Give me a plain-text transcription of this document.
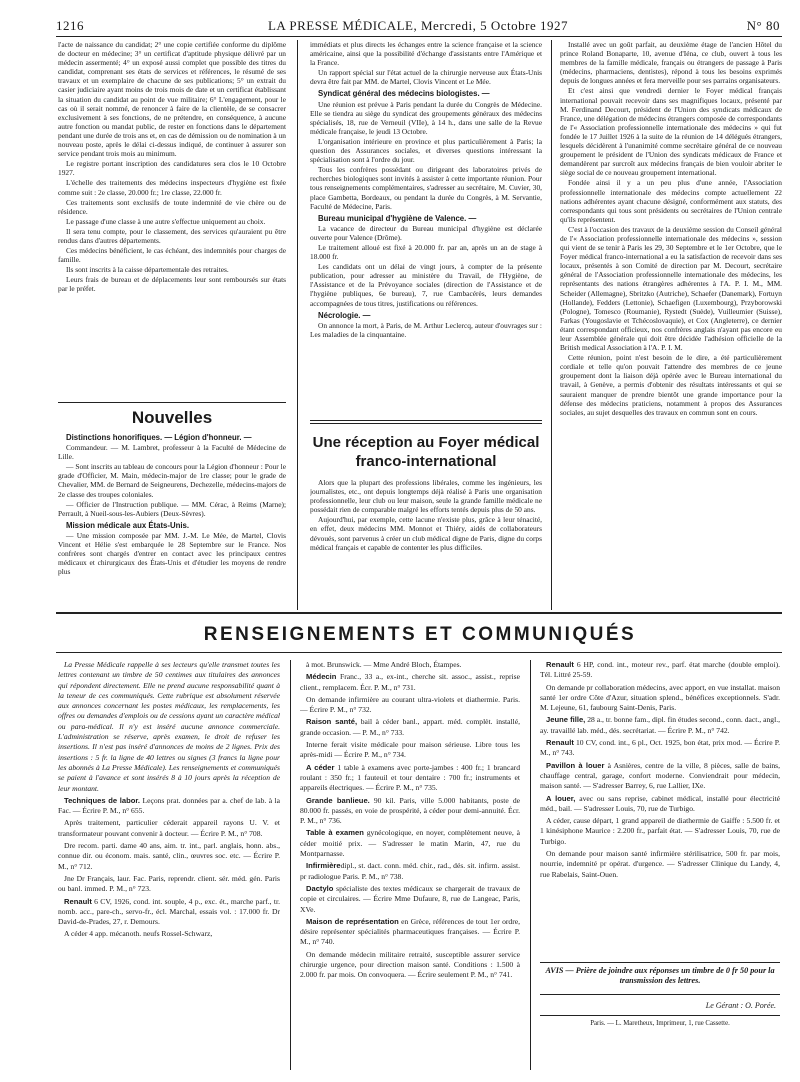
1216	LA PRESSE MÉDICALE, Mercredi, 5 Octobre 1927	N° 80

l'acte de naissance du candidat; 2° une copie certifiée conforme du diplôme de docteur en médecine; 3° un certificat d'aptitude physique délivré par un médecin assermenté; 4° un exposé aussi complet que possible des titres du candidat, comprenant ses états de services et références, le résumé de ses travaux et un exemplaire de chacune de ses publications; 5° un extrait du casier judiciaire ayant moins de trois mois de date et un certificat établissant la situation du candidat au point de vue militaire; 6° L'engagement, pour le cas où il serait nommé, de renoncer à faire de la clientèle, de se consacrer exclusivement à ses fonctions, de ne prétendre, en conséquence, à aucune autre fonction ou mandat public, de rester en fonctions dans le département pendant une durée de trois ans et, en cas de démission ou de nomination à un nouveau poste, après le délai ci-dessus indiqué, de continuer à assurer son service pendant trois mois au minimum.

Le registre portant inscription des candidatures sera clos le 10 Octobre 1927.

L'échelle des traitements des médecins inspecteurs d'hygiène est fixée comme suit : 2e classe, 20.000 fr.; 1re classe, 22.000 fr.

Ces traitements sont exclusifs de toute indemnité de vie chère ou de résidence.

Le passage d'une classe à une autre s'effectue uniquement au choix.

Il sera tenu compte, pour le classement, des services qu'auraient pu être rendus dans d'autres départements.

Ces médecins bénéficient, le cas échéant, des indemnités pour charges de famille.

Ils sont inscrits à la caisse départementale des retraites.

Leurs frais de bureau et de déplacements leur sont remboursés sur états par le préfet.

Nouvelles
Distinctions honorifiques. — Légion d'honneur. —

Commandeur. — M. Lambret, professeur à la Faculté de Médecine de Lille.

— Sont inscrits au tableau de concours pour la Légion d'honneur : Pour le grade d'Officier, M. Main, médecin-major de 1re classe; pour le grade de Chevalier, MM. de Bernard de Seigneurens, Dechezelle, médecins-majors de 2e classe des troupes coloniales.

— Officier de l'Instruction publique. — MM. Cérac, à Reims (Marne); Perrault, à Nueil-sous-les-Aubiers (Deux-Sèvres).

Mission médicale aux États-Unis.

— Une mission composée par MM. J.-M. Le Mée, de Martel, Clovis Vincent et Hélie s'est embarquée le 28 Septembre sur le France. Nos confrères sont chargés d'entrer en contact avec les principaux centres médicaux et chirurgicaux des États-Unis et d'étudier les moyens de rendre plus

immédiats et plus directs les échanges entre la science française et la science américaine, ainsi que la possibilité d'échange d'assistants entre l'Amérique et la France.

Un rapport spécial sur l'état actuel de la chirurgie nerveuse aux États-Unis devra être fait par MM. de Martel, Clovis Vincent et Le Mée.

Syndicat général des médecins biologistes. —

Une réunion est prévue à Paris pendant la durée du Congrès de Médecine. Elle se tiendra au siège du syndicat des groupements généraux des médecins spécialisés, 18, rue de Verneuil (VIIe), à 14 h., dans une salle de la Revue médicale française, le jeudi 13 Octobre.

L'organisation intérieure en province et plus particulièrement à Paris; la question des Assurances sociales, et diverses questions intéressant la spécialisation sont à l'ordre du jour.

Tous les confrères possédant ou dirigeant des laboratoires privés de recherches biologiques sont invités à assister à cette importante réunion. Pour tous renseignements complémentaires, s'adresser au secrétaire, M. Cuvier, 30, place Gambetta, Bordeaux, ou pendant la durée du Congrès, à M. Servantie, Faculté de Médecine, Paris.

Bureau municipal d'hygiène de Valence. —

La vacance de directeur du Bureau municipal d'hygiène est déclarée ouverte pour Valence (Drôme).

Le traitement alloué est fixé à 20.000 fr. par an, après un an de stage à 18.000 fr.

Les candidats ont un délai de vingt jours, à compter de la présente publication, pour adresser au ministère du Travail, de l'Hygiène, de l'Assistance et de la Prévoyance sociales (direction de l'Assistance et de l'hygiène publiques, 6e bureau), 7, rue Cambacérès, leurs demandes accompagnées de tous titres, justifications ou références.

Nécrologie. —

On annonce la mort, à Paris, de M. Arthur Leclercq, auteur d'ouvrages sur : Les maladies de la cinquantaine.

Une réception au Foyer médical franco-international

Alors que la plupart des professions libérales, comme les ingénieurs, les journalistes, etc., ont depuis longtemps déjà réalisé à Paris une organisation professionnelle, leur club ou leur maison, seule la grande famille médicale ne possédait rien de comparable malgré les efforts tentés depuis plus de 50 ans.

Aujourd'hui, par exemple, cette lacune n'existe plus, grâce à leur ténacité, en effet, deux médecins MM. Monnot et Thiéry, aidés de collaborateurs dévoués, sont parvenus à créer un club médical digne de Paris, digne du corps médical français et capable de contenter les plus difficiles.

Installé avec un goût parfait, au deuxième étage de l'ancien Hôtel du prince Roland Bonaparte, 10, avenue d'Iéna, ce club, ouvert à tous les membres de la famille médicale, français ou étrangers de passage à Paris (médecins, pharmaciens, dentistes), répond à tous les besoins exprimés depuis de longues années et fera merveille pour ses parrains organisateurs.

Et c'est ainsi que vendredi dernier le Foyer médical français international pouvait recevoir dans ses magnifiques locaux, présenté par M. Ferdinand Decourt, président de l'Union des syndicats médicaux de France, une délégation de médecins étrangers composée de correspondants de l'« Association professionnelle internationale des médecins » qui fut fondée le 17 Juillet 1926 à la suite de la réunion de 14 délégués étrangers, lesquels décidèrent à l'unanimité comme secrétaire général de ce nouveau groupement le président de l'Union des syndicats médicaux de France et demandèrent par surcroît aux médecins français de bien vouloir abriter le siège social de ce nouveau groupement international.

Fondée ainsi il y a un peu plus d'une année, l'Association professionnelle internationale des médecins compte actuellement 22 nations adhérentes ayant chacune désigné, conformément aux statuts, des correspondants qui tous sont présidents ou secrétaires de l'Union centrale qu'ils représentent.

C'est à l'occasion des travaux de la deuxième session du Conseil général de l'« Association professionnelle internationale des médecins », session qui vient de se tenir à Paris les 29, 30 Septembre et le 1er Octobre, que le Foyer médical franco-international a eu la satisfaction de recevoir dans ses locaux, présentés à son Comité de direction par M. Decourt, secrétaire général de l'Association professionnelle internationale des médecins, les représentants des nations étrangères adhérentes à l'A. P. I. M., MM. Scheider (Allemagne), Sbritzko (Autriche), Schaefer (Danemark), Fortuyn (Hollande), Fedders (Lettonie), Schaefigen (Luxembourg), Przyborowski (Pologne), Tomesco (Roumanie), Rystedt (Suède), Vuilleumier (Suisse), Farkas (Yougoslavie et Tchécoslovaquie), et Cox (Angleterre), ce dernier étant correspondant officieux, nos confrères anglais n'ayant pas encore eu leur Assemblée générale qui doit être décidée l'adhésion officielle de la British medical Association à l'A. P. I. M.

Cette réunion, point n'est besoin de le dire, a été particulièrement cordiale et telle qu'on pouvait l'attendre des membres de ce jeune groupement dont la liaison déjà opérée avec le Bureau international du travail, à Genève, a permis d'obtenir des résultats intéressants et qui se sauraient manquer de prendre bientôt une grande importance pour la défense des médecins praticiens, notamment à propos des Assurances sociales, au sujet desquelles des travaux en commun sont en cours.

RENSEIGNEMENTS ET COMMUNIQUÉS

La Presse Médicale rappelle à ses lecteurs qu'elle transmet toutes les lettres contenant un timbre de 50 centimes aux titulaires des annonces qui répondent directement. Elle ne prend aucune responsabilité quant à la teneur de ces communiqués. Cette rubrique est absolument réservée aux annonces concernant les postes médicaux, les remplacements, les offres ou demandes d'emplois ou de cessions ayant un caractère médical ou para-médical. Il n'y est inséré aucune annonce commerciale. L'administration se réserve, après examen, le droit de refuser les insertions. Il n'est pas inséré d'annonces de moins de 2 lignes. Prix des insertions : 5 fr. la ligne de 40 lettres ou signes (3 francs la ligne pour les abonnés à La Presse Médicale). Les renseignements et communiqués se paient à l'avance et sont insérés 8 à 10 jours après la réception de leur montant.

Techniques de labor. Leçons prat. données par a. chef de lab. à la Fac. — Écrire P. M., n° 655.

Après traitement, particulier céderait appareil rayons U. V. et transformateur pouvant convenir à docteur. — Écrire P. M., n° 708.

Dre recom. parti. dame 40 ans, aim. tr. int., parl. anglais, honn. abs., connue dir. ou économ. mais. santé, clin., œuvres soc. etc. — Écrire P. M., n° 712.

Jne Dr Français, laur. Fac. Paris, reprendr. client. sér. méd. gén. Paris ou banl. immed. P. M., n° 723.

Renault 6 CV, 1926, cond. int. souple, 4 p., exc. ét., marche parf., tr. nomb. acc., pare-ch., servo-fr., écl. Marchal, essais vol. : 17.000 fr. Dr David-de-Prades, 27, r. Demours.

A céder 4 app. mécanoth. neufs Rossel-Schwarz,

à mot. Brunswick. — Mme André Bloch, Étampes.

Médecin Franc., 33 a., ex-int., cherche sit. assoc., assist., reprise client., remplacem. Écr. P. M., n° 731.

On demande infirmière au courant ultra-violets et diathermie. Paris. — Écrire P. M., n° 732.

Raison santé, bail à céder banl., appart. méd. complèt. installé, grande occasion. — P. M., n° 733.

Interne ferait visite médicale pour maison sérieuse. Libre tous les après-midi — Écrire P. M., n° 734.

A céder 1 table à examens avec porte-jambes : 400 fr.; 1 brancard roulant : 350 fr.; 1 fauteuil et tour dentaire : 700 fr.; instruments et appareils électriques. — Écrire P. M., n° 735.

Grande banlieue. 90 kil. Paris, ville 5.000 habitants, poste de 80.000 fr. passés, en voie de prospérité, à céder pour demi-annuité. Écr. P. M., n° 736.

Table à examen gynécologique, en noyer, complètement neuve, à céder moitié prix. — S'adresser le matin Marin, 47, rue du Montparnasse.

Infirmièredipl., st. dact. conn. méd. chir., rad., dés. sit. infirm. assist. pr radiologue Paris. P. M., n° 738.

Dactylo spécialiste des textes médicaux se chargerait de travaux de copie et circulaires. — Écrire Mme Dufaure, 8, rue de Langeac, Paris, XVe.

Maison de représentation en Grèce, références de tout 1er ordre, désire représenter spécialités pharmaceutiques françaises. — Écrire P. M., n° 740.

On demande médecin militaire retraité, susceptible assurer service chirurgie urgence, pour direction maison santé. Conditions : 1.500 à 2.000 fr. par mois. On convoquera. — Écrire seulement P. M., n° 741.

Renault 6 HP, cond. int., moteur rev., parf. état marche (double emploi). Tél. Littré 25-59.

On demande pr collaboration médecins, avec apport, en vue installat. maison santé 1er ordre Côte d'Azur, situation splend., bénéfices exceptionnels. S'adr. M. Lejeune, 61, faubourg Saint-Denis, Paris.

Jeune fille, 28 a., tr. bonne fam., dipl. fin études second., conn. dact., angl., ay. travaillé lab. méd., dés. secrétariat. — Écrire P. M., n° 742.

Renault 10 CV, cond. int., 6 pl., Oct. 1925, bon état, prix mod. — Écrire P. M., n° 743.

Pavillon à louer à Asnières, centre de la ville, 8 pièces, salle de bains, chauffage central, garage, confort moderne. Conviendrait pour médecin, maison santé. — S'adresser Barrey, 6, rue Lallier, IXe.

A louer, avec ou sans reprise, cabinet médical, installé pour électricité méd., bail. — S'adresser Louis, 70, rue de Turbigo.

A céder, cause départ, 1 grand appareil de diathermie de Gaiffe : 5.500 fr. et 1 kinésiphone Maurice : 2.200 fr., parfait état. — S'adresser Louis, 70, rue de Turbigo.

On demande pour maison santé infirmière stérilisatrice, 500 fr. par mois, nourrie, indemnité pr opérat. d'urgence. — S'adresser Clinique du Landy, 4, rue Rabelais, Saint-Ouen.

AVIS — Prière de joindre aux réponses un timbre de 0 fr 50 pour la transmission des lettres.
Le Gérant : O. Porée.
Paris. — L. Maretheux, Imprimeur, 1, rue Cassette.
